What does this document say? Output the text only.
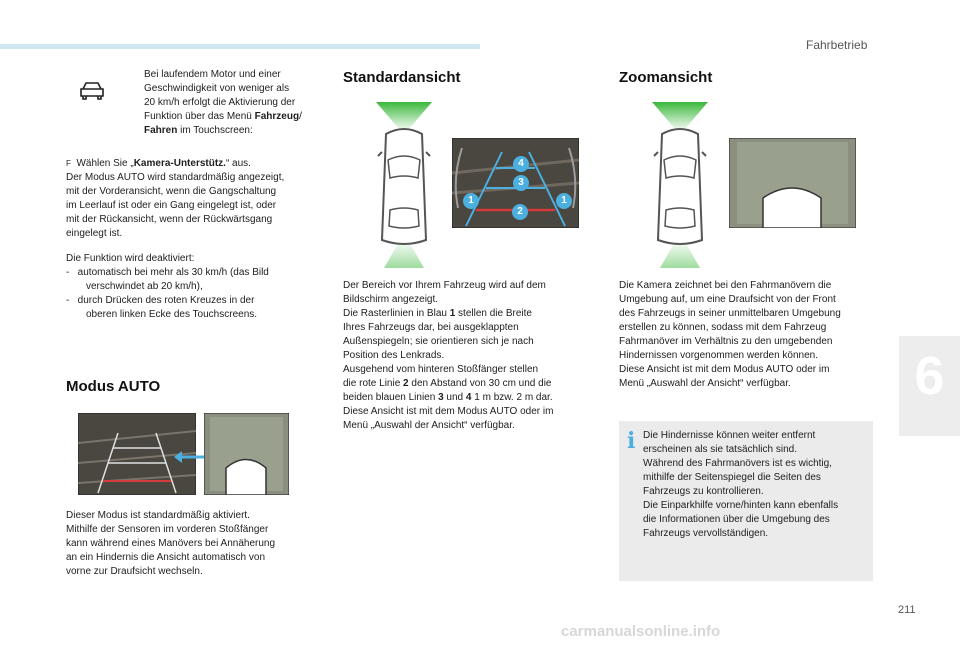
Fahrbetrieb
6
211

Bei laufendem Motor und einer

Geschwindigkeit von weniger als

20 km/h erfolgt die Aktivierung der

Funktion über das Menü Fahrzeug/

Fahren im Touchscreen:

F Wählen Sie „Kamera-Unterstütz.“ aus.

Der Modus AUTO wird standardmäßig angezeigt,

mit der Vorderansicht, wenn die Gangschaltung

im Leerlauf ist oder ein Gang eingelegt ist, oder

mit der Rückansicht, wenn der Rückwärtsgang

eingelegt ist.

Die Funktion wird deaktiviert:

-   automatisch bei mehr als 30 km/h (das Bild

verschwindet ab 20 km/h),

-   durch Drücken des roten Kreuzes in der

oberen linken Ecke des Touchscreens.

Modus AUTO

Dieser Modus ist standardmäßig aktiviert.

Mithilfe der Sensoren im vorderen Stoßfänger

kann während eines Manövers bei Annäherung

an ein Hindernis die Ansicht automatisch von

vorne zur Draufsicht wechseln.

Standardansicht
4
3
1	1
2

Der Bereich vor Ihrem Fahrzeug wird auf dem

Bildschirm angezeigt.

Die Rasterlinien in Blau 1 stellen die Breite

Ihres Fahrzeugs dar, bei ausgeklappten

Außenspiegeln; sie orientieren sich je nach

Position des Lenkrads.

Ausgehend vom hinteren Stoßfänger stellen

die rote Linie 2 den Abstand von 30 cm und die

beiden blauen Linien 3 und 4 1 m bzw. 2 m dar.

Diese Ansicht ist mit dem Modus AUTO oder im

Menü „Auswahl der Ansicht“ verfügbar.

Zoomansicht

Die Kamera zeichnet bei den Fahrmanövern die

Umgebung auf, um eine Draufsicht von der Front

des Fahrzeugs in seiner unmittelbaren Umgebung

erstellen zu können, sodass mit dem Fahrzeug

Fahrmanöver im Verhältnis zu den umgebenden

Hindernissen vorgenommen werden können.

Diese Ansicht ist mit dem Modus AUTO oder im

Menü „Auswahl der Ansicht“ verfügbar.

i Die Hindernisse können weiter entfernt

erscheinen als sie tatsächlich sind.

Während des Fahrmanövers ist es wichtig,

mithilfe der Seitenspiegel die Seiten des

Fahrzeugs zu kontrollieren.

Die Einparkhilfe vorne/hinten kann ebenfalls

die Informationen über die Umgebung des

Fahrzeugs vervollständigen.

carmanualsonline.info
